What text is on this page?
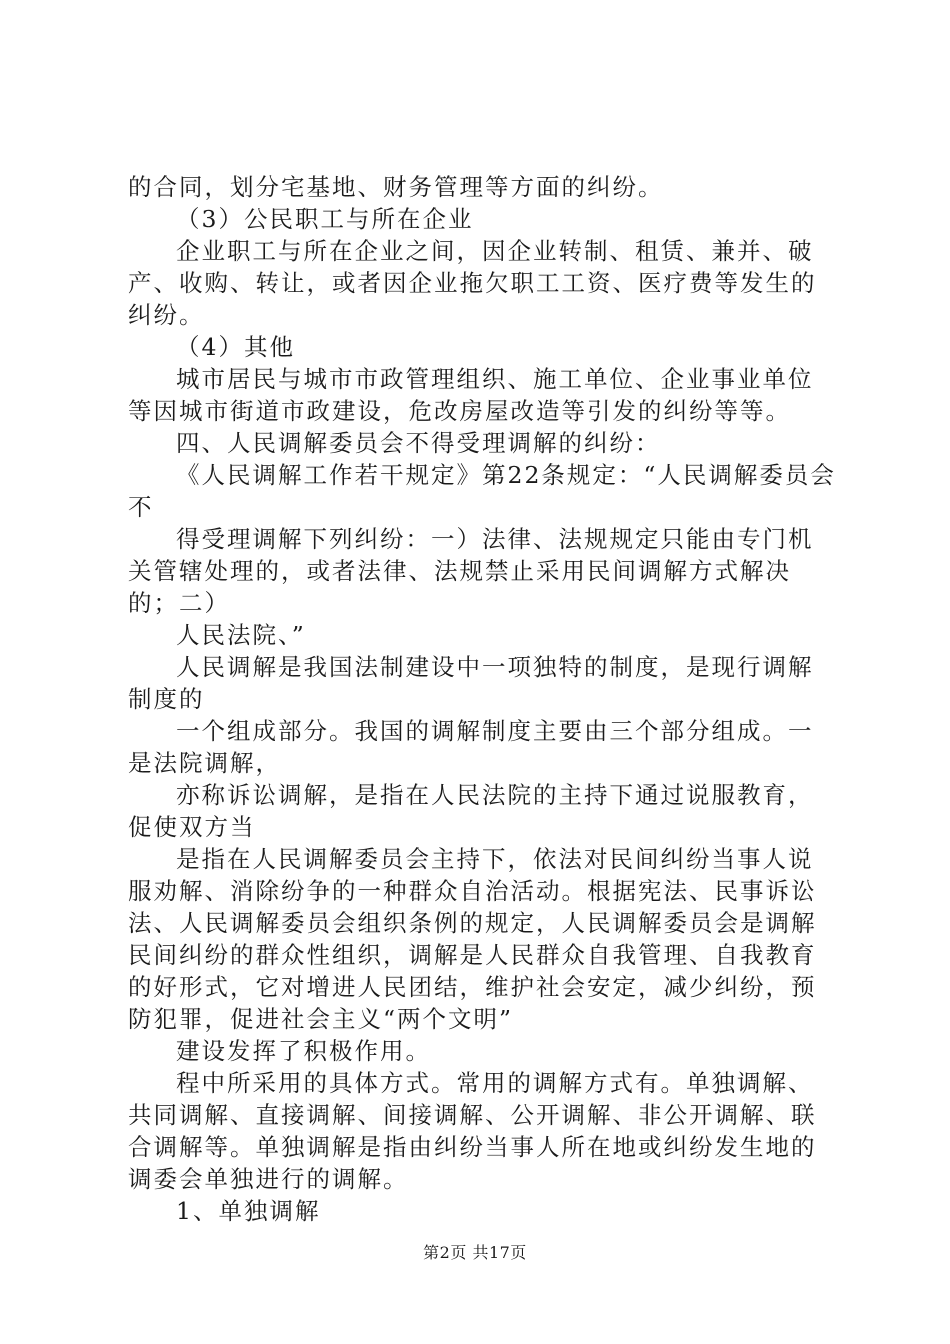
的合同，划分宅基地、财务管理等方面的纠纷。

（3）公民职工与所在企业

企业职工与所在企业之间，因企业转制、租赁、兼并、破产、收购、转让，或者因企业拖欠职工工资、医疗费等发生的纠纷。

（4）其他

城市居民与城市市政管理组织、施工单位、企业事业单位等因城市街道市政建设，危改房屋改造等引发的纠纷等等。

四、人民调解委员会不得受理调解的纠纷：

《人民调解工作若干规定》第22条规定：“人民调解委员会不

得受理调解下列纠纷：一）法律、法规规定只能由专门机关管辖处理的，或者法律、法规禁止采用民间调解方式解决的；二）

人民法院、”

人民调解是我国法制建设中一项独特的制度，是现行调解制度的

一个组成部分。我国的调解制度主要由三个部分组成。一是法院调解，

亦称诉讼调解，是指在人民法院的主持下通过说服教育，促使双方当

是指在人民调解委员会主持下，依法对民间纠纷当事人说服劝解、消除纷争的一种群众自治活动。根据宪法、民事诉讼法、人民调解委员会组织条例的规定，人民调解委员会是调解民间纠纷的群众性组织，调解是人民群众自我管理、自我教育的好形式，它对增进人民团结，维护社会安定，减少纠纷，预防犯罪，促进社会主义“两个文明”

建设发挥了积极作用。

程中所采用的具体方式。常用的调解方式有。单独调解、共同调解、直接调解、间接调解、公开调解、非公开调解、联合调解等。单独调解是指由纠纷当事人所在地或纠纷发生地的调委会单独进行的调解。

1、单独调解

第2页 共17页
